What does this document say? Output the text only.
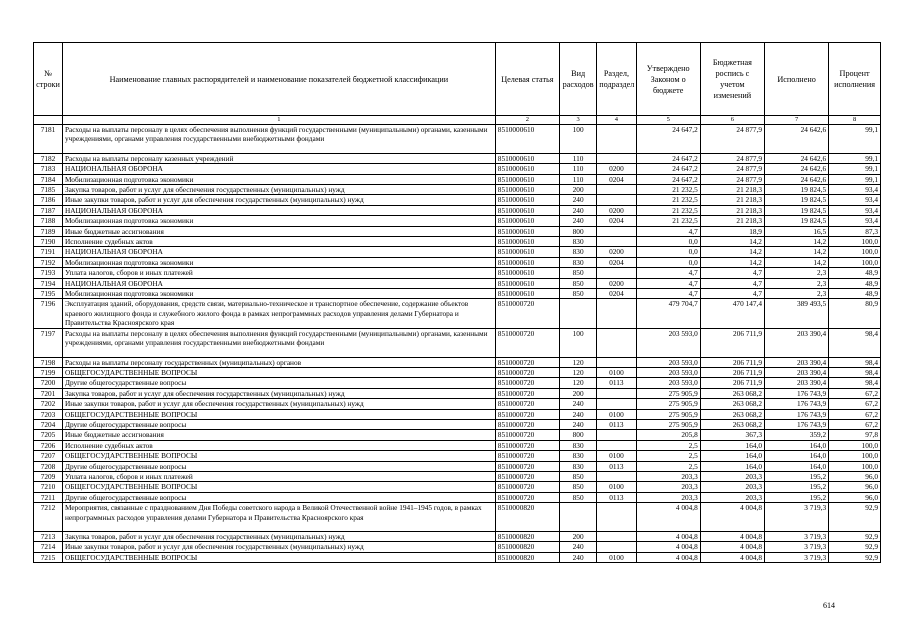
№ строки	Наименование главных распорядителей и наименование показателей бюджетной классификации	Целевая статья	Вид расходов	Раздел, подраздел	Утверждено Законом о бюджете	Бюджетная роспись с учетом изменений	Исполнено	Процент исполнения
	1	2	3	4	5	6	7	8
7181	Расходы на выплаты персоналу в целях обеспечения выполнения функций государственными (муниципальными) органами, казенными учреждениями, органами управления государственными внебюджетными фондами	8510000610	100		24 647,2	24 877,9	24 642,6	99,1
7182	Расходы на выплаты персоналу казенных учреждений	8510000610	110		24 647,2	24 877,9	24 642,6	99,1
7183	НАЦИОНАЛЬНАЯ ОБОРОНА	8510000610	110	0200	24 647,2	24 877,9	24 642,6	99,1
7184	Мобилизационная подготовка экономики	8510000610	110	0204	24 647,2	24 877,9	24 642,6	99,1
7185	Закупка товаров, работ и услуг для обеспечения государственных (муниципальных) нужд	8510000610	200		21 232,5	21 218,3	19 824,5	93,4
7186	Иные закупки товаров, работ и услуг для обеспечения государственных (муниципальных) нужд	8510000610	240		21 232,5	21 218,3	19 824,5	93,4
7187	НАЦИОНАЛЬНАЯ ОБОРОНА	8510000610	240	0200	21 232,5	21 218,3	19 824,5	93,4
7188	Мобилизационная подготовка экономики	8510000610	240	0204	21 232,5	21 218,3	19 824,5	93,4
7189	Иные бюджетные ассигнования	8510000610	800		4,7	18,9	16,5	87,3
7190	Исполнение судебных актов	8510000610	830		0,0	14,2	14,2	100,0
7191	НАЦИОНАЛЬНАЯ ОБОРОНА	8510000610	830	0200	0,0	14,2	14,2	100,0
7192	Мобилизационная подготовка экономики	8510000610	830	0204	0,0	14,2	14,2	100,0
7193	Уплата налогов, сборов и иных платежей	8510000610	850		4,7	4,7	2,3	48,9
7194	НАЦИОНАЛЬНАЯ ОБОРОНА	8510000610	850	0200	4,7	4,7	2,3	48,9
7195	Мобилизационная подготовка экономики	8510000610	850	0204	4,7	4,7	2,3	48,9
7196	Эксплуатация зданий, оборудования, средств связи, материально-техническое и транспортное обеспечение, содержание объектов краевого жилищного фонда и служебного жилого фонда в рамках непрограммных расходов управления делами Губернатора и Правительства Красноярского края	8510000720			479 704,7	470 147,4	389 493,5	80,9
7197	Расходы на выплаты персоналу в целях обеспечения выполнения функций государственными (муниципальными) органами, казенными учреждениями, органами управления государственными внебюджетными фондами	8510000720	100		203 593,0	206 711,9	203 390,4	98,4
7198	Расходы на выплаты персоналу государственных (муниципальных) органов	8510000720	120		203 593,0	206 711,9	203 390,4	98,4
7199	ОБЩЕГОСУДАРСТВЕННЫЕ ВОПРОСЫ	8510000720	120	0100	203 593,0	206 711,9	203 390,4	98,4
7200	Другие общегосударственные вопросы	8510000720	120	0113	203 593,0	206 711,9	203 390,4	98,4
7201	Закупка товаров, работ и услуг для обеспечения государственных (муниципальных) нужд	8510000720	200		275 905,9	263 068,2	176 743,9	67,2
7202	Иные закупки товаров, работ и услуг для обеспечения государственных (муниципальных) нужд	8510000720	240		275 905,9	263 068,2	176 743,9	67,2
7203	ОБЩЕГОСУДАРСТВЕННЫЕ ВОПРОСЫ	8510000720	240	0100	275 905,9	263 068,2	176 743,9	67,2
7204	Другие общегосударственные вопросы	8510000720	240	0113	275 905,9	263 068,2	176 743,9	67,2
7205	Иные бюджетные ассигнования	8510000720	800		205,8	367,3	359,2	97,8
7206	Исполнение судебных актов	8510000720	830		2,5	164,0	164,0	100,0
7207	ОБЩЕГОСУДАРСТВЕННЫЕ ВОПРОСЫ	8510000720	830	0100	2,5	164,0	164,0	100,0
7208	Другие общегосударственные вопросы	8510000720	830	0113	2,5	164,0	164,0	100,0
7209	Уплата налогов, сборов и иных платежей	8510000720	850		203,3	203,3	195,2	96,0
7210	ОБЩЕГОСУДАРСТВЕННЫЕ ВОПРОСЫ	8510000720	850	0100	203,3	203,3	195,2	96,0
7211	Другие общегосударственные вопросы	8510000720	850	0113	203,3	203,3	195,2	96,0
7212	Мероприятия, связанные с празднованием Дня Победы советского народа в Великой Отечественной войне 1941–1945 годов, в рамках непрограммных расходов управления делами Губернатора и Правительства Красноярского края	8510000820			4 004,8	4 004,8	3 719,3	92,9
7213	Закупка товаров, работ и услуг для обеспечения государственных (муниципальных) нужд	8510000820	200		4 004,8	4 004,8	3 719,3	92,9
7214	Иные закупки товаров, работ и услуг для обеспечения государственных (муниципальных) нужд	8510000820	240		4 004,8	4 004,8	3 719,3	92,9
7215	ОБЩЕГОСУДАРСТВЕННЫЕ ВОПРОСЫ	8510000820	240	0100	4 004,8	4 004,8	3 719,3	92,9
614
